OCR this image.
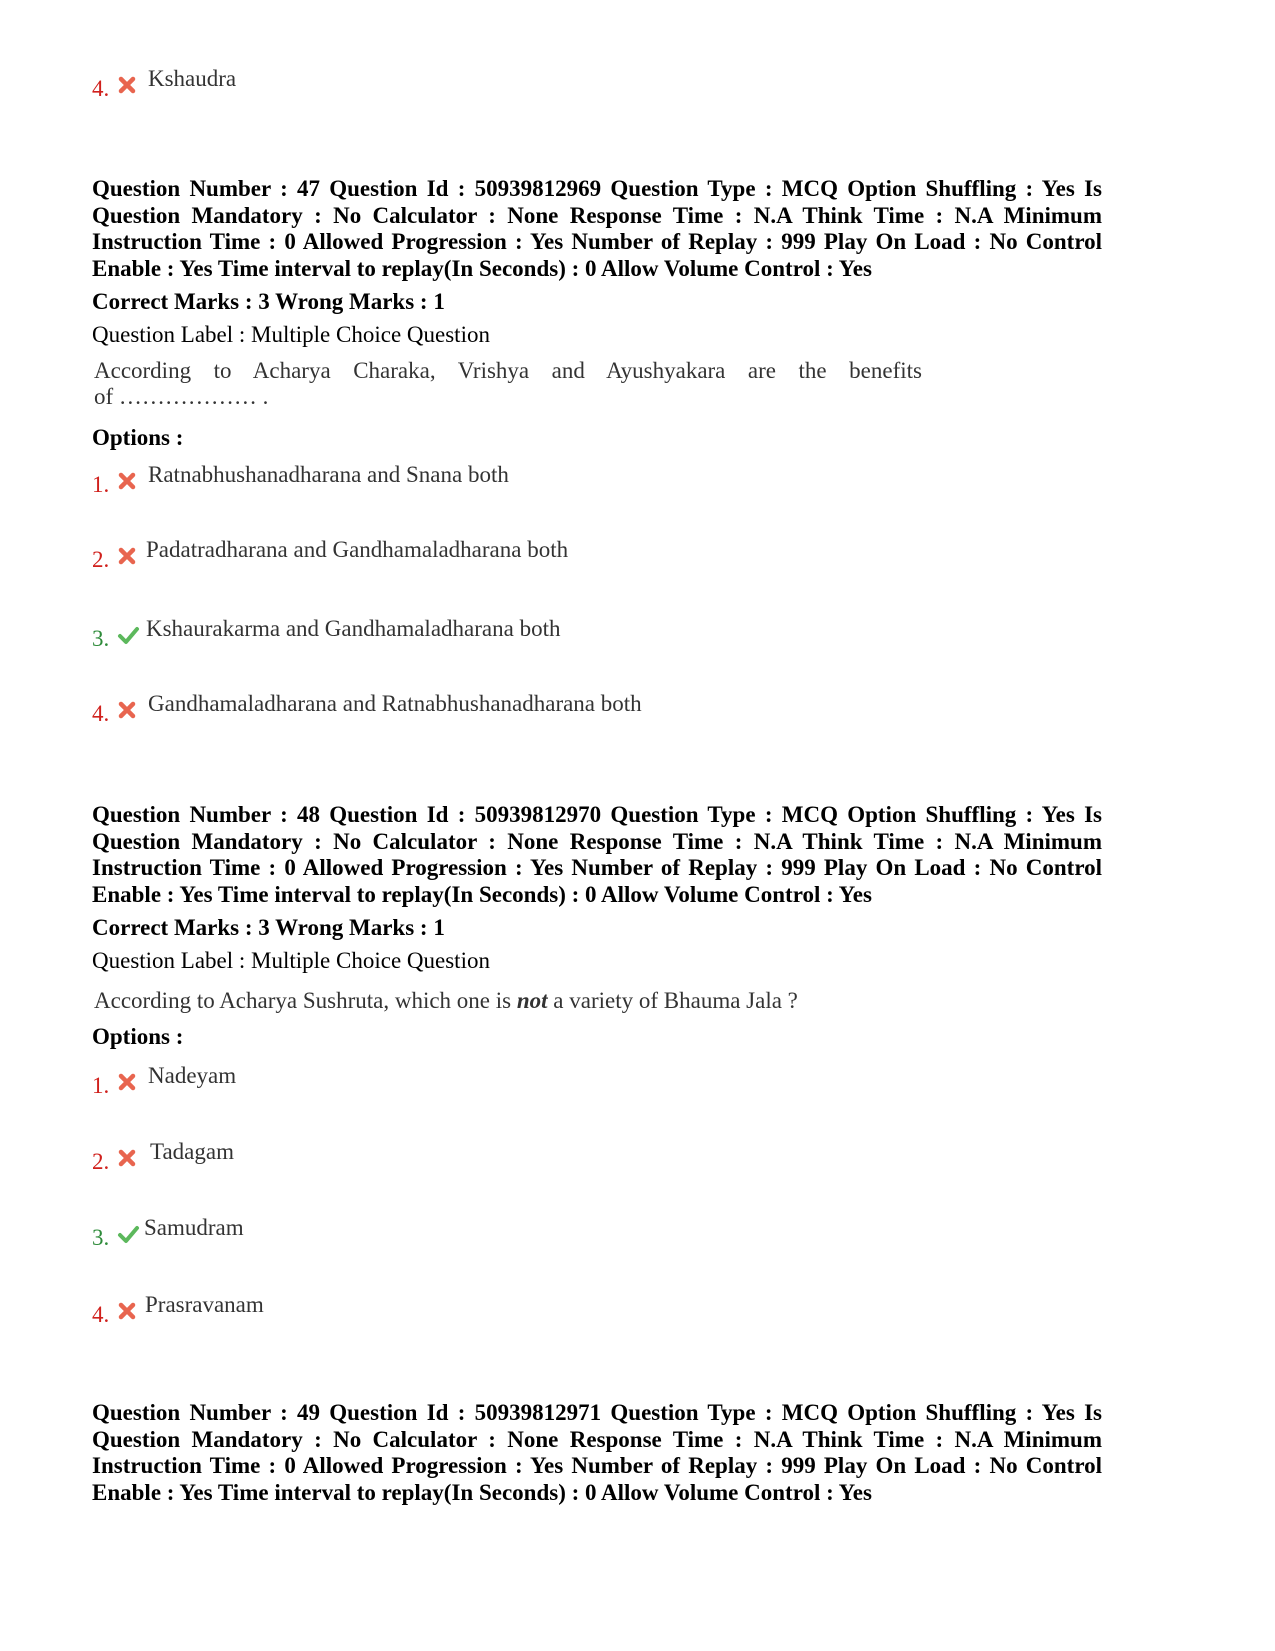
4. Kshaudra
Question Number : 47 Question Id : 50939812969 Question Type : MCQ Option Shuffling : Yes Is Question Mandatory : No Calculator : None Response Time : N.A Think Time : N.A Minimum Instruction Time : 0 Allowed Progression : Yes Number of Replay : 999 Play On Load : No Control Enable : Yes Time interval to replay(In Seconds) : 0 Allow Volume Control : Yes
Correct Marks : 3 Wrong Marks : 1
Question Label : Multiple Choice Question
According to Acharya Charaka, Vrishya and Ayushyakara are the benefits
of ……………… .
Options :
1. Ratnabhushanadharana and Snana both
2. Padatradharana and Gandhamaladharana both
3. Kshaurakarma and Gandhamaladharana both
4. Gandhamaladharana and Ratnabhushanadharana both
Question Number : 48 Question Id : 50939812970 Question Type : MCQ Option Shuffling : Yes Is Question Mandatory : No Calculator : None Response Time : N.A Think Time : N.A Minimum Instruction Time : 0 Allowed Progression : Yes Number of Replay : 999 Play On Load : No Control Enable : Yes Time interval to replay(In Seconds) : 0 Allow Volume Control : Yes
Correct Marks : 3 Wrong Marks : 1
Question Label : Multiple Choice Question
According to Acharya Sushruta, which one is not a variety of Bhauma Jala ?
Options :
1. Nadeyam
2. Tadagam
3. Samudram
4. Prasravanam
Question Number : 49 Question Id : 50939812971 Question Type : MCQ Option Shuffling : Yes Is Question Mandatory : No Calculator : None Response Time : N.A Think Time : N.A Minimum Instruction Time : 0 Allowed Progression : Yes Number of Replay : 999 Play On Load : No Control Enable : Yes Time interval to replay(In Seconds) : 0 Allow Volume Control : Yes
